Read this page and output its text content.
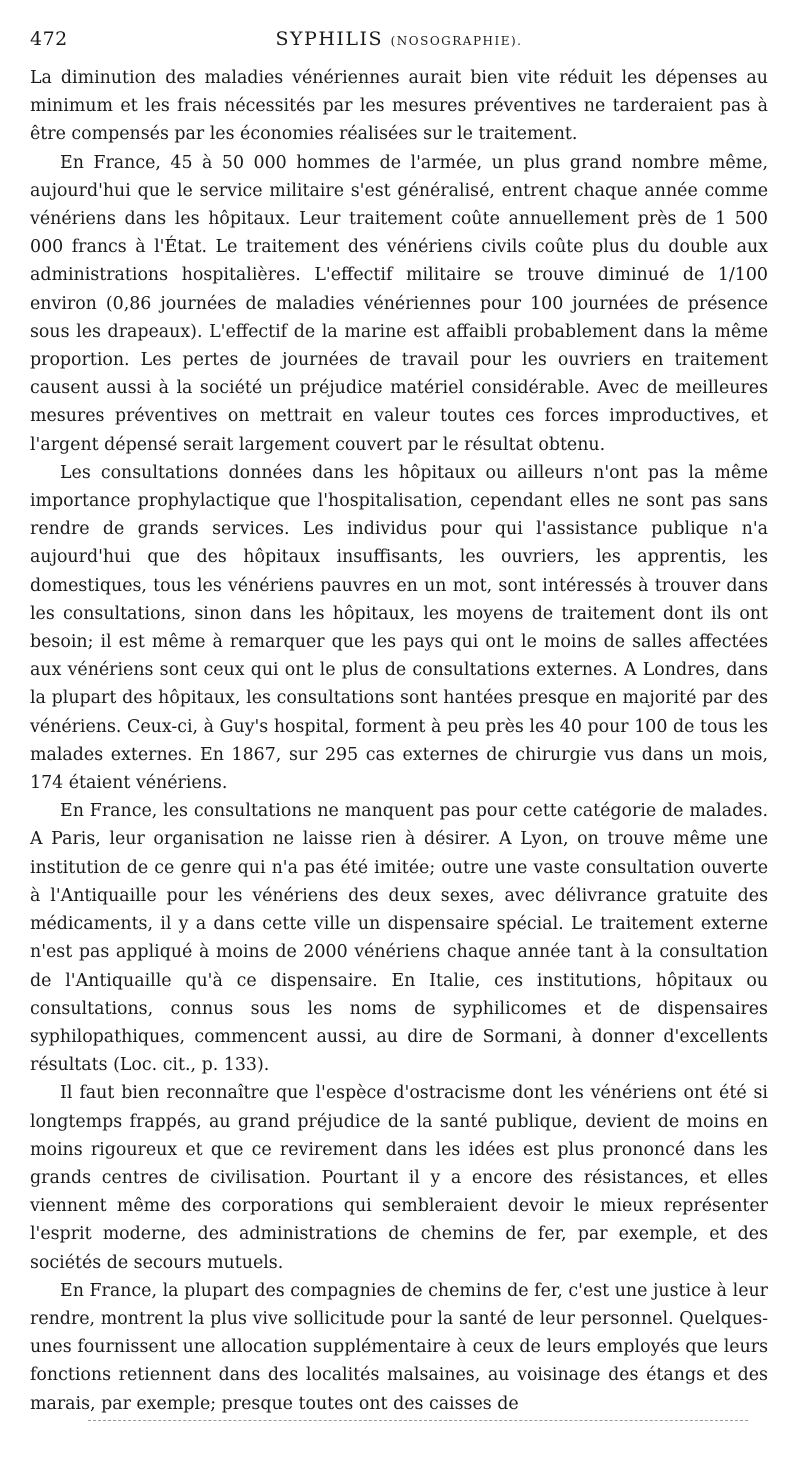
472	SYPHILIS (NOSOGRAPHIE).

La diminution des maladies vénériennes aurait bien vite réduit les dépenses au minimum et les frais nécessités par les mesures préventives ne tarderaient pas à être compensés par les économies réalisées sur le traitement.

En France, 45 à 50 000 hommes de l'armée, un plus grand nombre même, aujourd'hui que le service militaire s'est généralisé, entrent chaque année comme vénériens dans les hôpitaux. Leur traitement coûte annuellement près de 1 500 000 francs à l'État. Le traitement des vénériens civils coûte plus du double aux administrations hospitalières. L'effectif militaire se trouve diminué de 1/100 environ (0,86 journées de maladies vénériennes pour 100 journées de présence sous les drapeaux). L'effectif de la marine est affaibli probablement dans la même proportion. Les pertes de journées de travail pour les ouvriers en traitement causent aussi à la société un préjudice matériel considérable. Avec de meilleures mesures préventives on mettrait en valeur toutes ces forces improductives, et l'argent dépensé serait largement couvert par le résultat obtenu.

Les consultations données dans les hôpitaux ou ailleurs n'ont pas la même importance prophylactique que l'hospitalisation, cependant elles ne sont pas sans rendre de grands services. Les individus pour qui l'assistance publique n'a aujourd'hui que des hôpitaux insuffisants, les ouvriers, les apprentis, les domestiques, tous les vénériens pauvres en un mot, sont intéressés à trouver dans les consultations, sinon dans les hôpitaux, les moyens de traitement dont ils ont besoin; il est même à remarquer que les pays qui ont le moins de salles affectées aux vénériens sont ceux qui ont le plus de consultations externes. A Londres, dans la plupart des hôpitaux, les consultations sont hantées presque en majorité par des vénériens. Ceux-ci, à Guy's hospital, forment à peu près les 40 pour 100 de tous les malades externes. En 1867, sur 295 cas externes de chirurgie vus dans un mois, 174 étaient vénériens.

En France, les consultations ne manquent pas pour cette catégorie de malades. A Paris, leur organisation ne laisse rien à désirer. A Lyon, on trouve même une institution de ce genre qui n'a pas été imitée; outre une vaste consultation ouverte à l'Antiquaille pour les vénériens des deux sexes, avec délivrance gratuite des médicaments, il y a dans cette ville un dispensaire spécial. Le traitement externe n'est pas appliqué à moins de 2000 vénériens chaque année tant à la consultation de l'Antiquaille qu'à ce dispensaire. En Italie, ces institutions, hôpitaux ou consultations, connus sous les noms de syphilicomes et de dispensaires syphilopathiques, commencent aussi, au dire de Sormani, à donner d'excellents résultats (Loc. cit., p. 133).

Il faut bien reconnaître que l'espèce d'ostracisme dont les vénériens ont été si longtemps frappés, au grand préjudice de la santé publique, devient de moins en moins rigoureux et que ce revirement dans les idées est plus prononcé dans les grands centres de civilisation. Pourtant il y a encore des résistances, et elles viennent même des corporations qui sembleraient devoir le mieux représenter l'esprit moderne, des administrations de chemins de fer, par exemple, et des sociétés de secours mutuels.

En France, la plupart des compagnies de chemins de fer, c'est une justice à leur rendre, montrent la plus vive sollicitude pour la santé de leur personnel. Quelques-unes fournissent une allocation supplémentaire à ceux de leurs employés que leurs fonctions retiennent dans des localités malsaines, au voisinage des étangs et des marais, par exemple; presque toutes ont des caisses de
